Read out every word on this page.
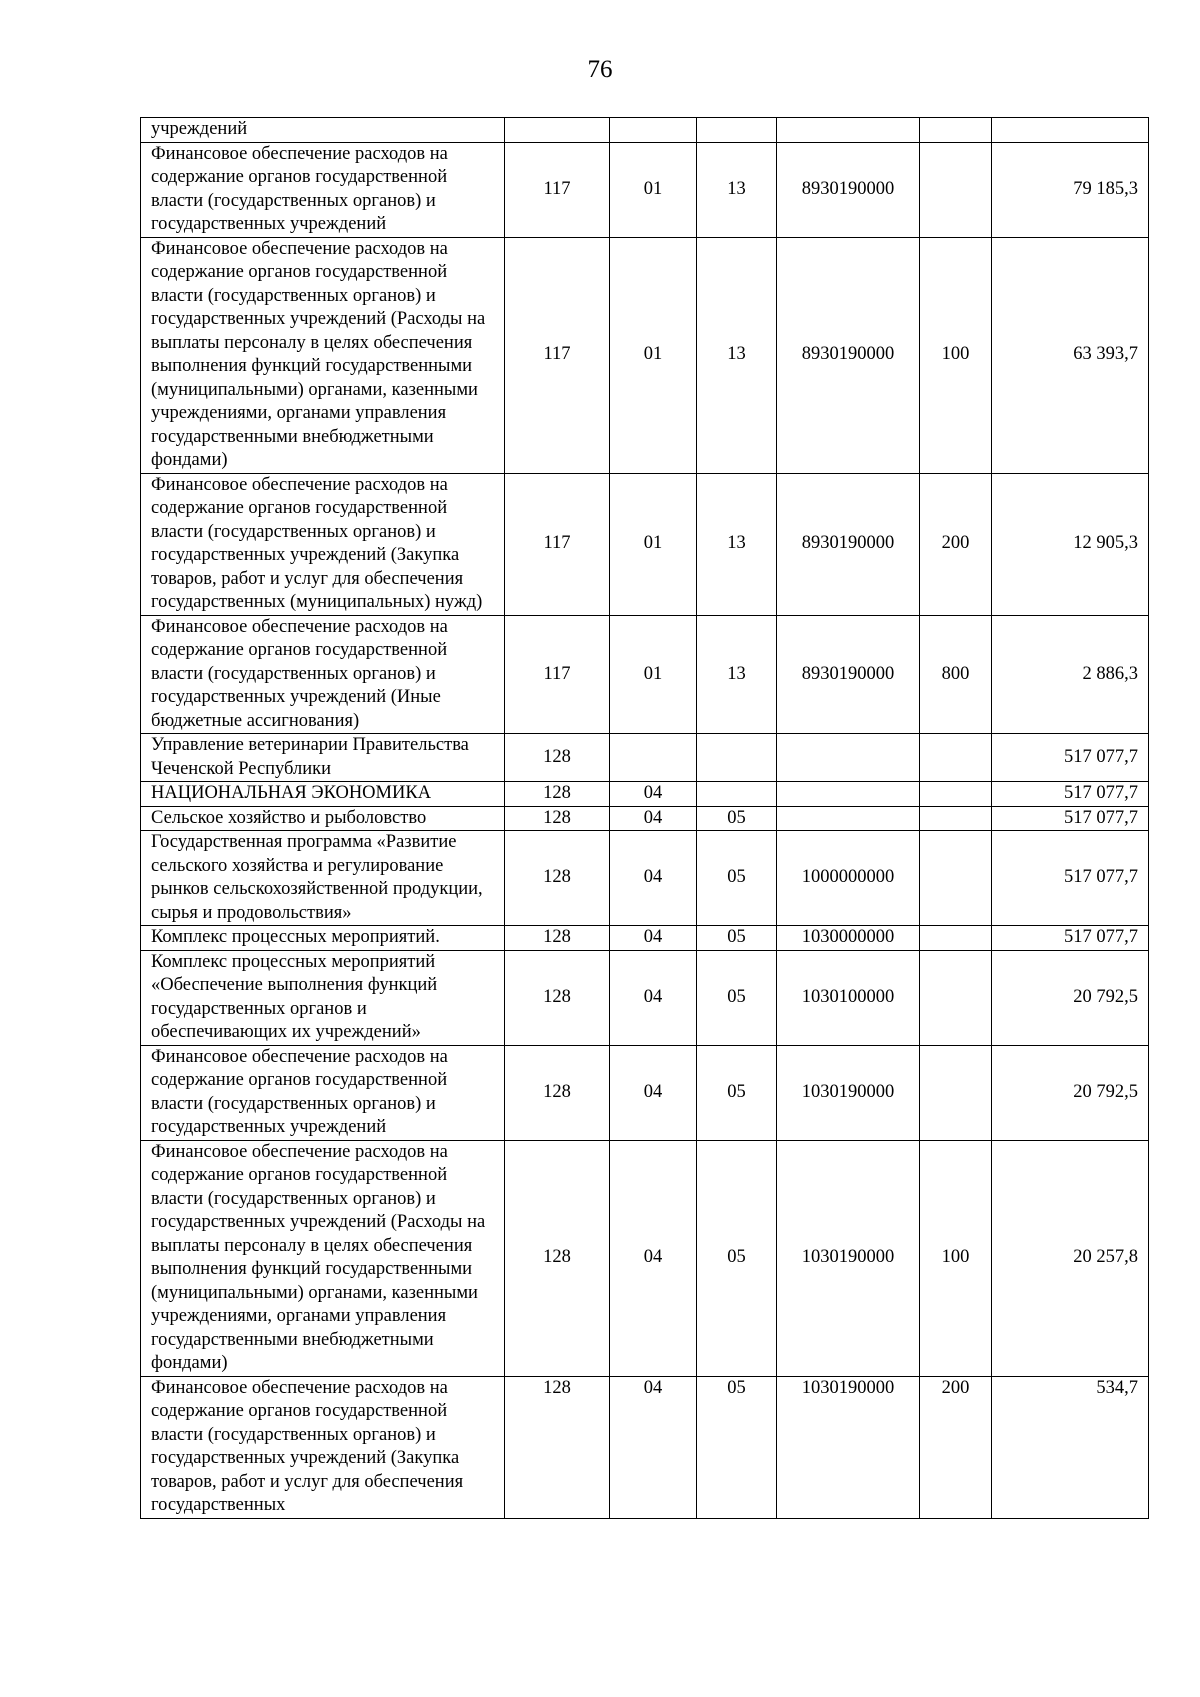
76
учреждений						
Финансовое обеспечение расходов на содержание органов государственной власти (государственных органов) и государственных учреждений	117	01	13	8930190000		79 185,3
Финансовое обеспечение расходов на содержание органов государственной власти (государственных органов) и государственных учреждений (Расходы на выплаты персоналу в целях обеспечения выполнения функций государственными (муниципальными) органами, казенными учреждениями, органами управления государственными внебюджетными фондами)	117	01	13	8930190000	100	63 393,7
Финансовое обеспечение расходов на содержание органов государственной власти (государственных органов) и государственных учреждений (Закупка товаров, работ и услуг для обеспечения государственных (муниципальных) нужд)	117	01	13	8930190000	200	12 905,3
Финансовое обеспечение расходов на содержание органов государственной власти (государственных органов) и государственных учреждений (Иные бюджетные ассигнования)	117	01	13	8930190000	800	2 886,3
Управление ветеринарии Правительства Чеченской Республики	128					517 077,7
НАЦИОНАЛЬНАЯ ЭКОНОМИКА	128	04				517 077,7
Сельское хозяйство и рыболовство	128	04	05			517 077,7
Государственная программа «Развитие сельского хозяйства и регулирование рынков сельскохозяйственной продукции, сырья и продовольствия»	128	04	05	1000000000		517 077,7
Комплекс процессных мероприятий.	128	04	05	1030000000		517 077,7
Комплекс процессных мероприятий «Обеспечение выполнения функций государственных органов и обеспечивающих их учреждений»	128	04	05	1030100000		20 792,5
Финансовое обеспечение расходов на содержание органов государственной власти (государственных органов) и государственных учреждений	128	04	05	1030190000		20 792,5
Финансовое обеспечение расходов на содержание органов государственной власти (государственных органов) и государственных учреждений (Расходы на выплаты персоналу в целях обеспечения выполнения функций государственными (муниципальными) органами, казенными учреждениями, органами управления государственными внебюджетными фондами)	128	04	05	1030190000	100	20 257,8
Финансовое обеспечение расходов на содержание органов государственной власти (государственных органов) и государственных учреждений (Закупка товаров, работ и услуг для обеспечения государственных	128	04	05	1030190000	200	534,7
